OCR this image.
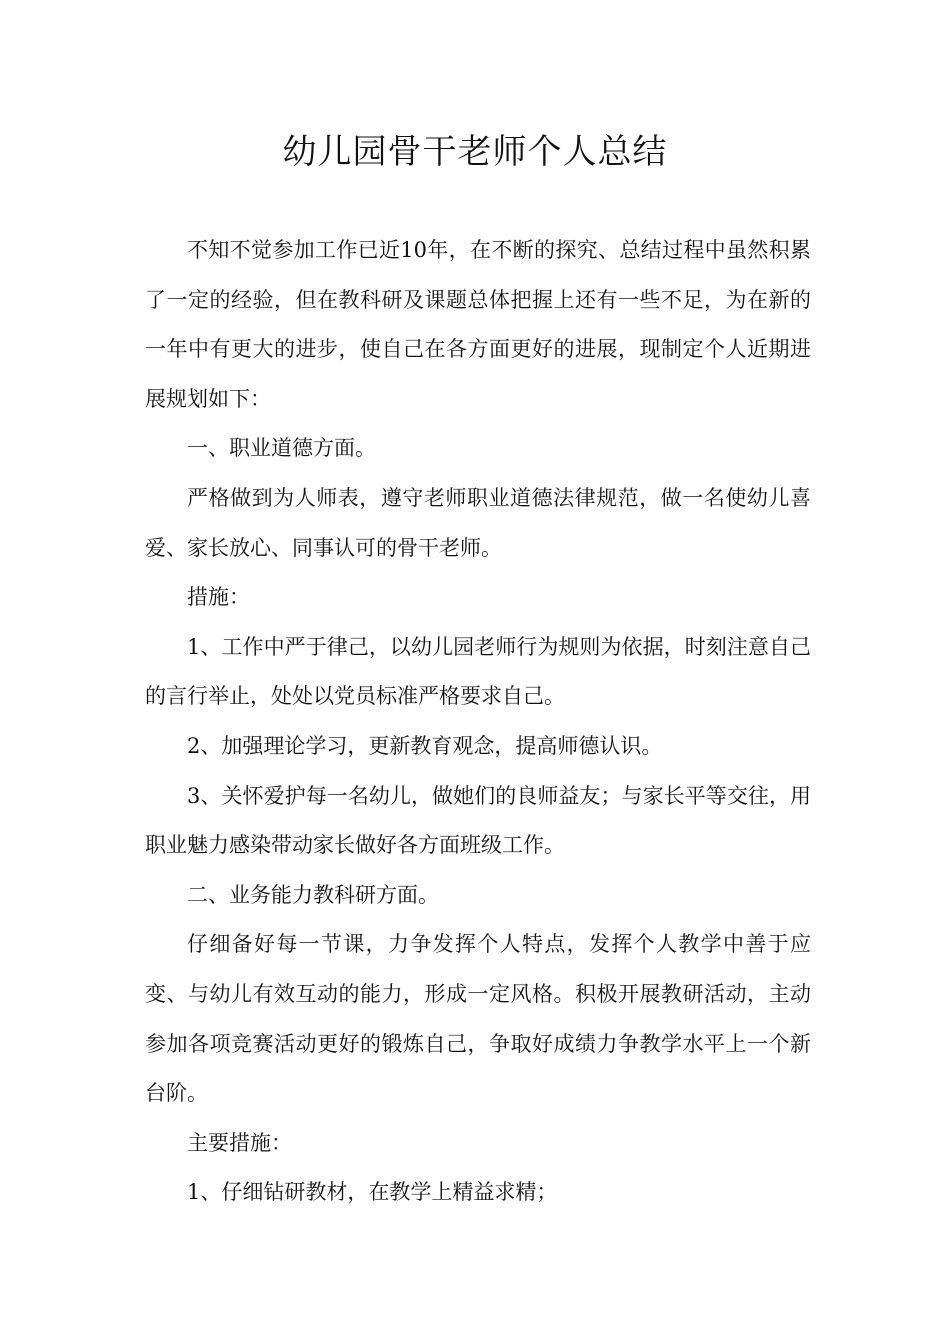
幼儿园骨干老师个人总结

不知不觉参加工作已近10年，在不断的探究、总结过程中虽然积累了一定的经验，但在教科研及课题总体把握上还有一些不足，为在新的一年中有更大的进步，使自己在各方面更好的进展，现制定个人近期进展规划如下：

一、职业道德方面。

严格做到为人师表，遵守老师职业道德法律规范，做一名使幼儿喜爱、家长放心、同事认可的骨干老师。

措施：

1、工作中严于律己，以幼儿园老师行为规则为依据，时刻注意自己的言行举止，处处以党员标准严格要求自己。

2、加强理论学习，更新教育观念，提高师德认识。

3、关怀爱护每一名幼儿，做她们的良师益友；与家长平等交往，用职业魅力感染带动家长做好各方面班级工作。

二、业务能力教科研方面。

仔细备好每一节课，力争发挥个人特点，发挥个人教学中善于应变、与幼儿有效互动的能力，形成一定风格。积极开展教研活动，主动参加各项竞赛活动更好的锻炼自己，争取好成绩力争教学水平上一个新台阶。

主要措施：

1、仔细钻研教材，在教学上精益求精；
